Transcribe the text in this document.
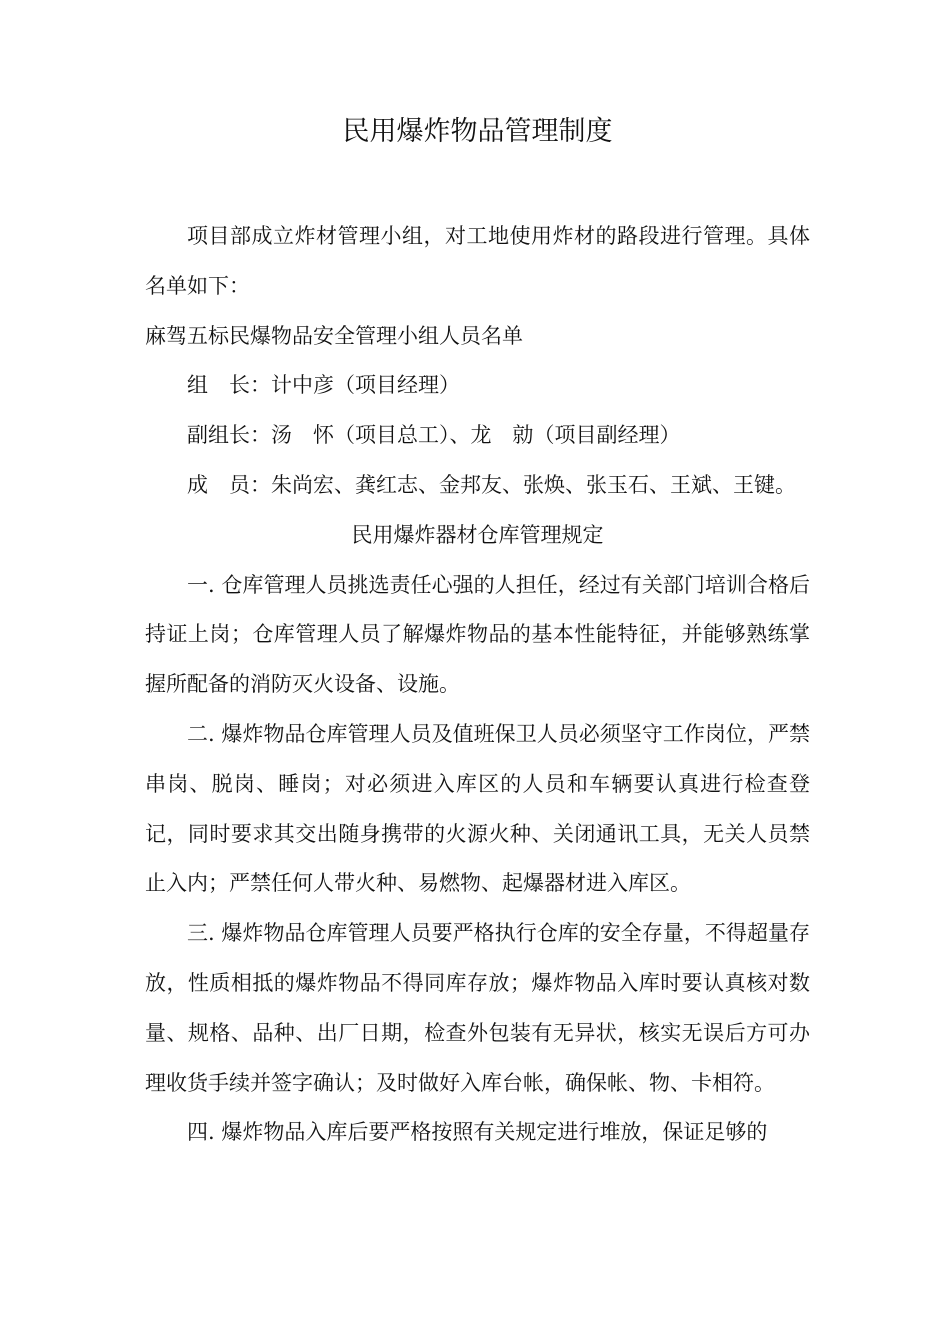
民用爆炸物品管理制度

项目部成立炸材管理小组，对工地使用炸材的路段进行管理。具体名单如下：

麻驾五标民爆物品安全管理小组人员名单

组　长：计中彦（项目经理）

副组长：汤　怀（项目总工）、龙　勍（项目副经理）

成　员：朱尚宏、龚红志、金邦友、张焕、张玉石、王斌、王键。

民用爆炸器材仓库管理规定

一. 仓库管理人员挑选责任心强的人担任，经过有关部门培训合格后持证上岗；仓库管理人员了解爆炸物品的基本性能特征，并能够熟练掌握所配备的消防灭火设备、设施。

二. 爆炸物品仓库管理人员及值班保卫人员必须坚守工作岗位，严禁串岗、脱岗、睡岗；对必须进入库区的人员和车辆要认真进行检查登记，同时要求其交出随身携带的火源火种、关闭通讯工具，无关人员禁止入内；严禁任何人带火种、易燃物、起爆器材进入库区。

三. 爆炸物品仓库管理人员要严格执行仓库的安全存量，不得超量存放，性质相抵的爆炸物品不得同库存放；爆炸物品入库时要认真核对数量、规格、品种、出厂日期，检查外包装有无异状，核实无误后方可办理收货手续并签字确认；及时做好入库台帐，确保帐、物、卡相符。

四. 爆炸物品入库后要严格按照有关规定进行堆放，保证足够的
